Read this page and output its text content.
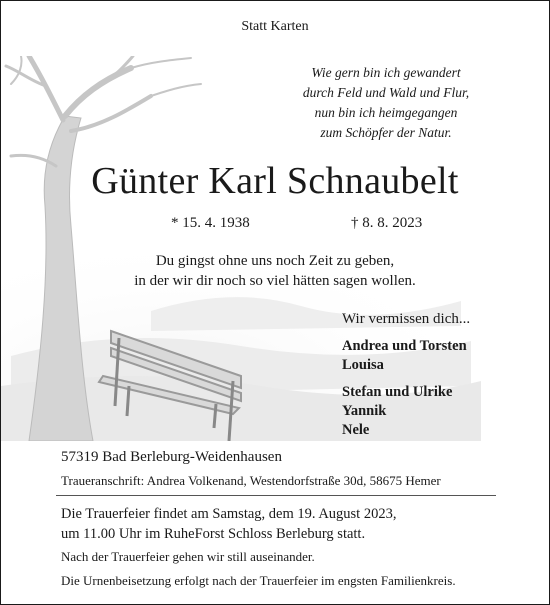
Statt Karten
Wie gern bin ich gewandert
durch Feld und Wald und Flur,
nun bin ich heimgegangen
zum Schöpfer der Natur.
Günter Karl Schnaubelt
* 15. 4. 1938	† 8. 8. 2023
Du gingst ohne uns noch Zeit zu geben,
in der wir dir noch so viel hätten sagen wollen.
Wir vermissen dich...
Andrea und Torsten
Louisa
Stefan und Ulrike
Yannik
Nele
57319 Bad Berleburg-Weidenhausen
Traueranschrift: Andrea Volkenand, Westendorfstraße 30d, 58675 Hemer
Die Trauerfeier findet am Samstag, dem 19. August 2023,
um 11.00 Uhr im RuheForst Schloss Berleburg statt.
Nach der Trauerfeier gehen wir still auseinander.
Die Urnenbeisetzung erfolgt nach der Trauerfeier im engsten Familienkreis.
